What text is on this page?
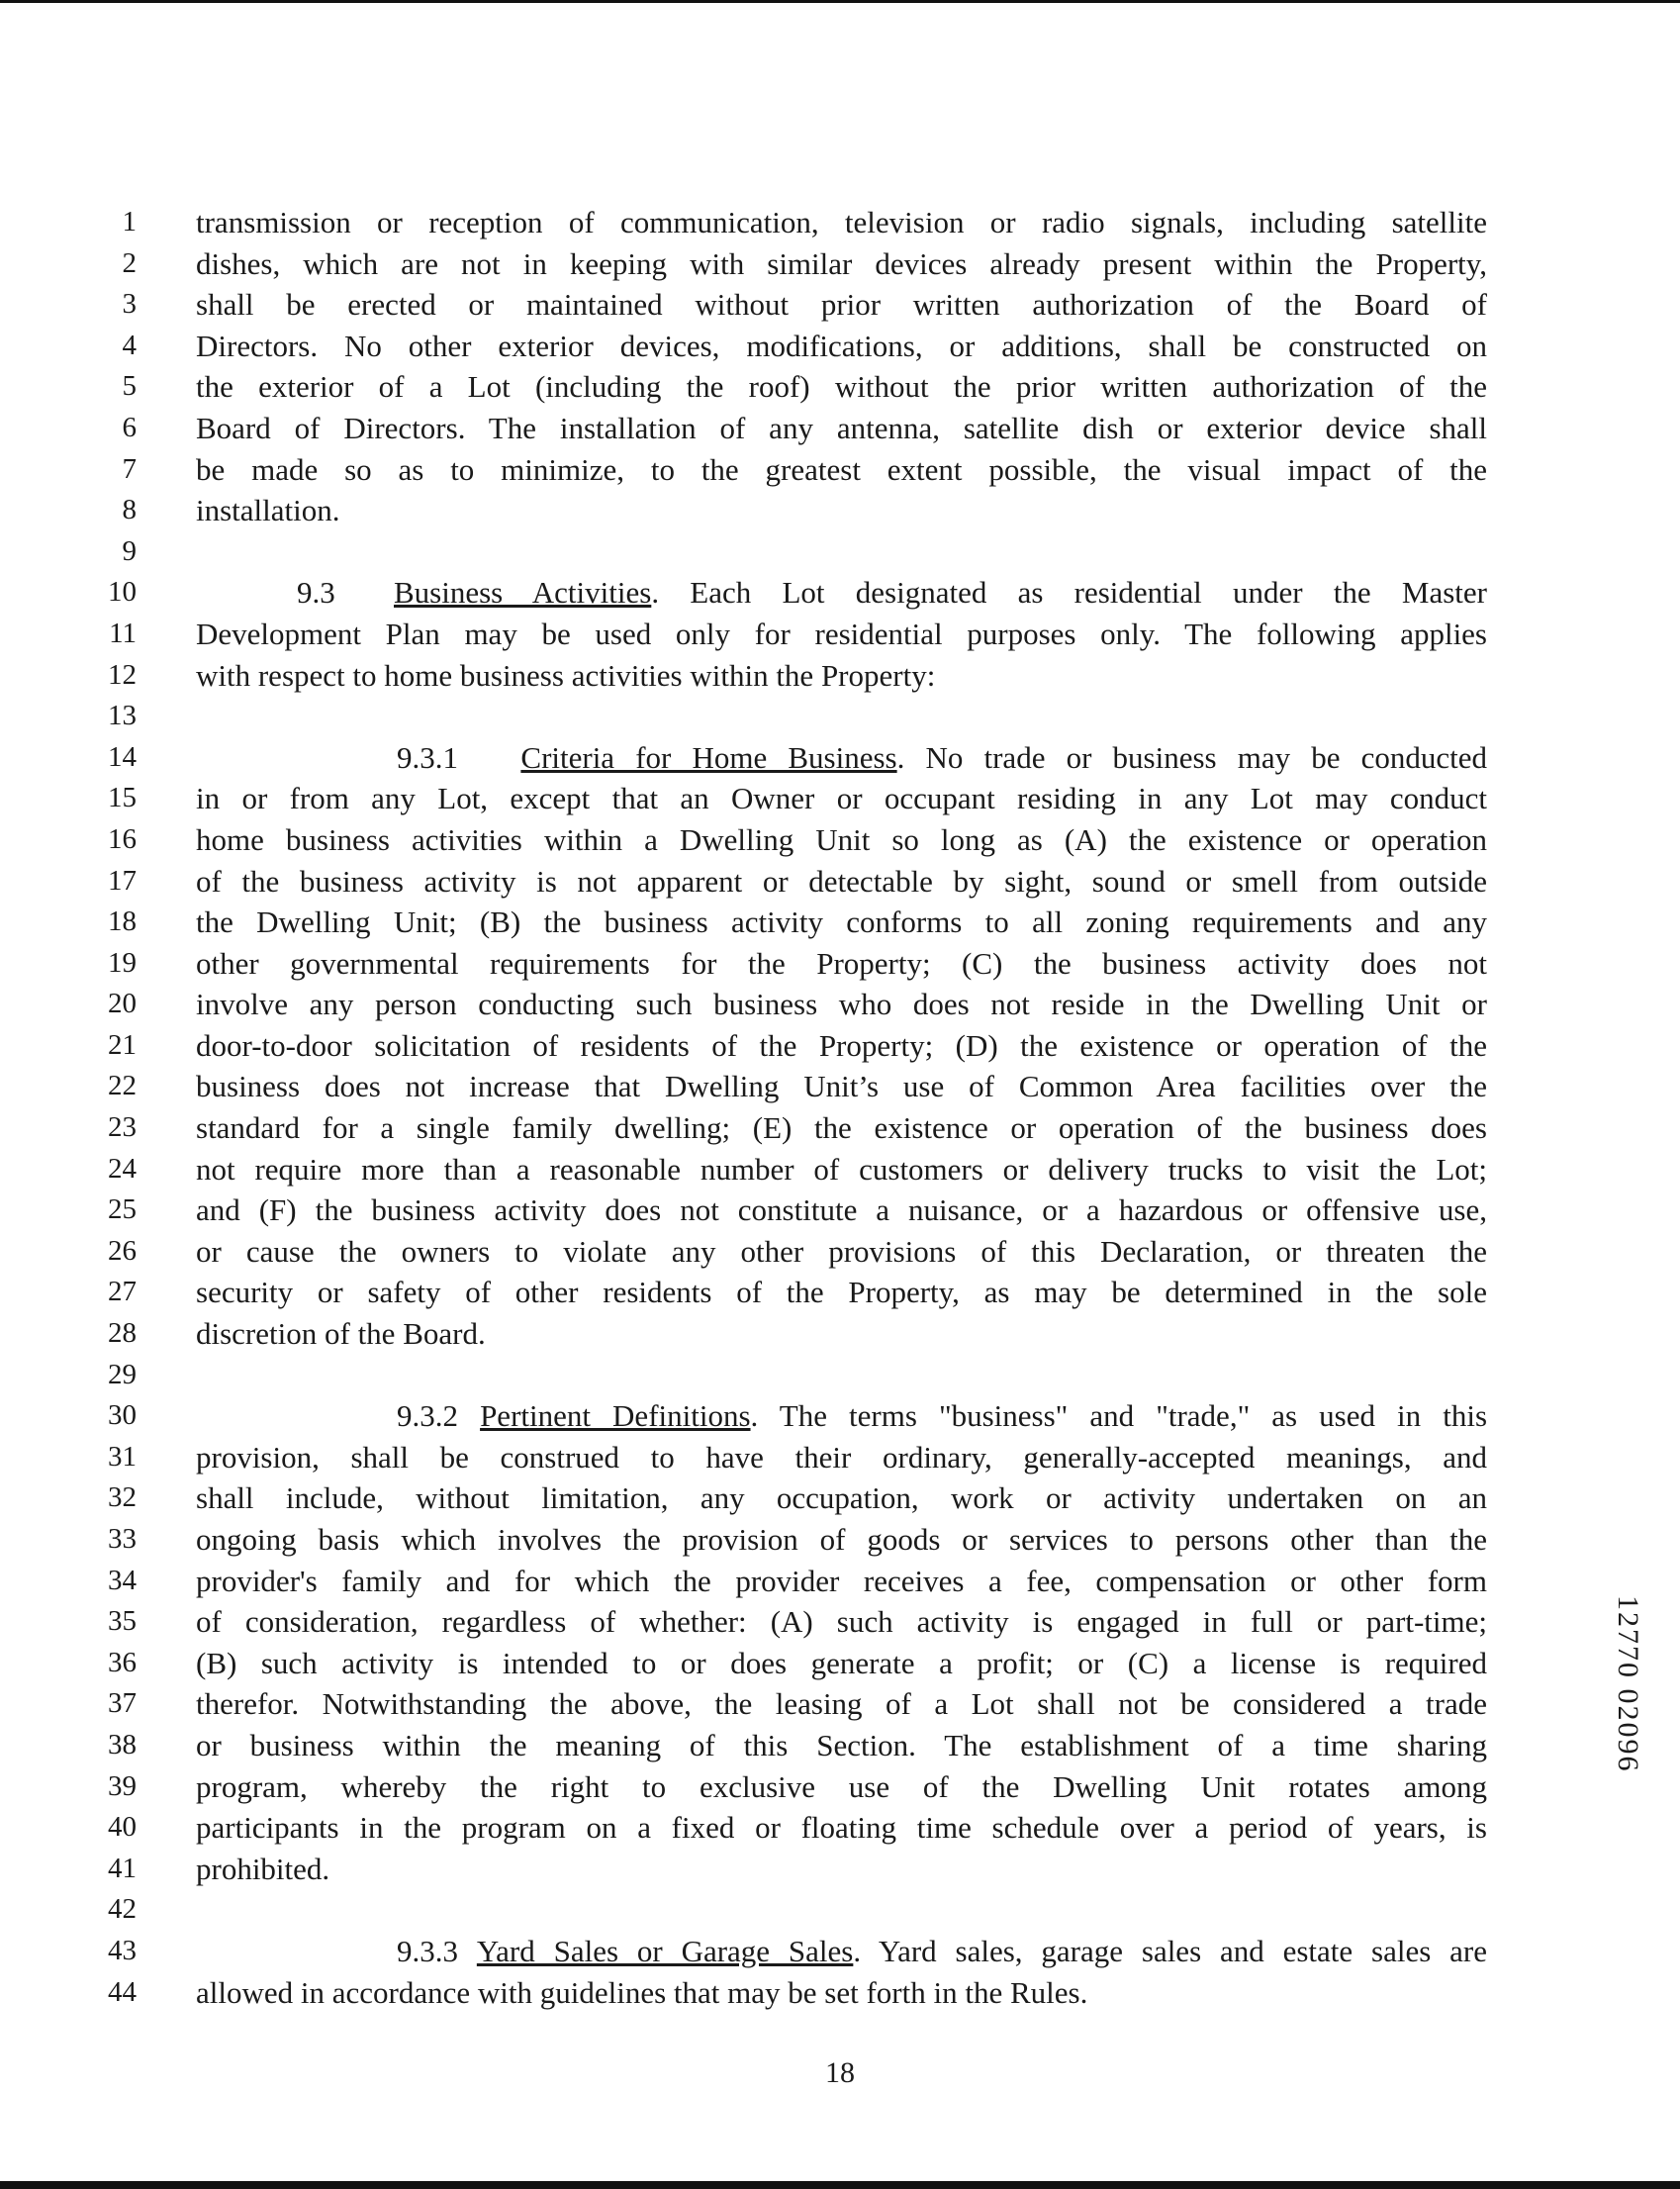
1
2
3
4
5
6
7
8
9
10
11
12
13
14
15
16
17
18
19
20
21
22
23
24
25
26
27
28
29
30
31
32
33
34
35
36
37
38
39
40
41
42
43
44
transmission or reception of communication, television or radio signals, including satellite
dishes, which are not in keeping with similar devices already present within the Property,
shall be erected or maintained without prior written authorization of the Board of
Directors. No other exterior devices, modifications, or additions, shall be constructed on
the exterior of a Lot (including the roof) without the prior written authorization of the
Board of Directors. The installation of any antenna, satellite dish or exterior device shall
be made so as to minimize, to the greatest extent possible, the visual impact of the
installation.

9.3 Business Activities. Each Lot designated as residential under the Master
Development Plan may be used only for residential purposes only. The following applies
with respect to home business activities within the Property:

9.3.1 Criteria for Home Business. No trade or business may be conducted
in or from any Lot, except that an Owner or occupant residing in any Lot may conduct
home business activities within a Dwelling Unit so long as (A) the existence or operation
of the business activity is not apparent or detectable by sight, sound or smell from outside
the Dwelling Unit; (B) the business activity conforms to all zoning requirements and any
other governmental requirements for the Property; (C) the business activity does not
involve any person conducting such business who does not reside in the Dwelling Unit or
door-to-door solicitation of residents of the Property; (D) the existence or operation of the
business does not increase that Dwelling Unit’s use of Common Area facilities over the
standard for a single family dwelling; (E) the existence or operation of the business does
not require more than a reasonable number of customers or delivery trucks to visit the Lot;
and (F) the business activity does not constitute a nuisance, or a hazardous or offensive use,
or cause the owners to violate any other provisions of this Declaration, or threaten the
security or safety of other residents of the Property, as may be determined in the sole
discretion of the Board.

9.3.2 Pertinent Definitions. The terms "business" and "trade," as used in this
provision, shall be construed to have their ordinary, generally-accepted meanings, and
shall include, without limitation, any occupation, work or activity undertaken on an
ongoing basis which involves the provision of goods or services to persons other than the
provider's family and for which the provider receives a fee, compensation or other form
of consideration, regardless of whether: (A) such activity is engaged in full or part-time;
(B) such activity is intended to or does generate a profit; or (C) a license is required
therefor. Notwithstanding the above, the leasing of a Lot shall not be considered a trade
or business within the meaning of this Section. The establishment of a time sharing
program, whereby the right to exclusive use of the Dwelling Unit rotates among
participants in the program on a fixed or floating time schedule over a period of years, is
prohibited.

9.3.3 Yard Sales or Garage Sales. Yard sales, garage sales and estate sales are
allowed in accordance with guidelines that may be set forth in the Rules.
12770 02096
18
